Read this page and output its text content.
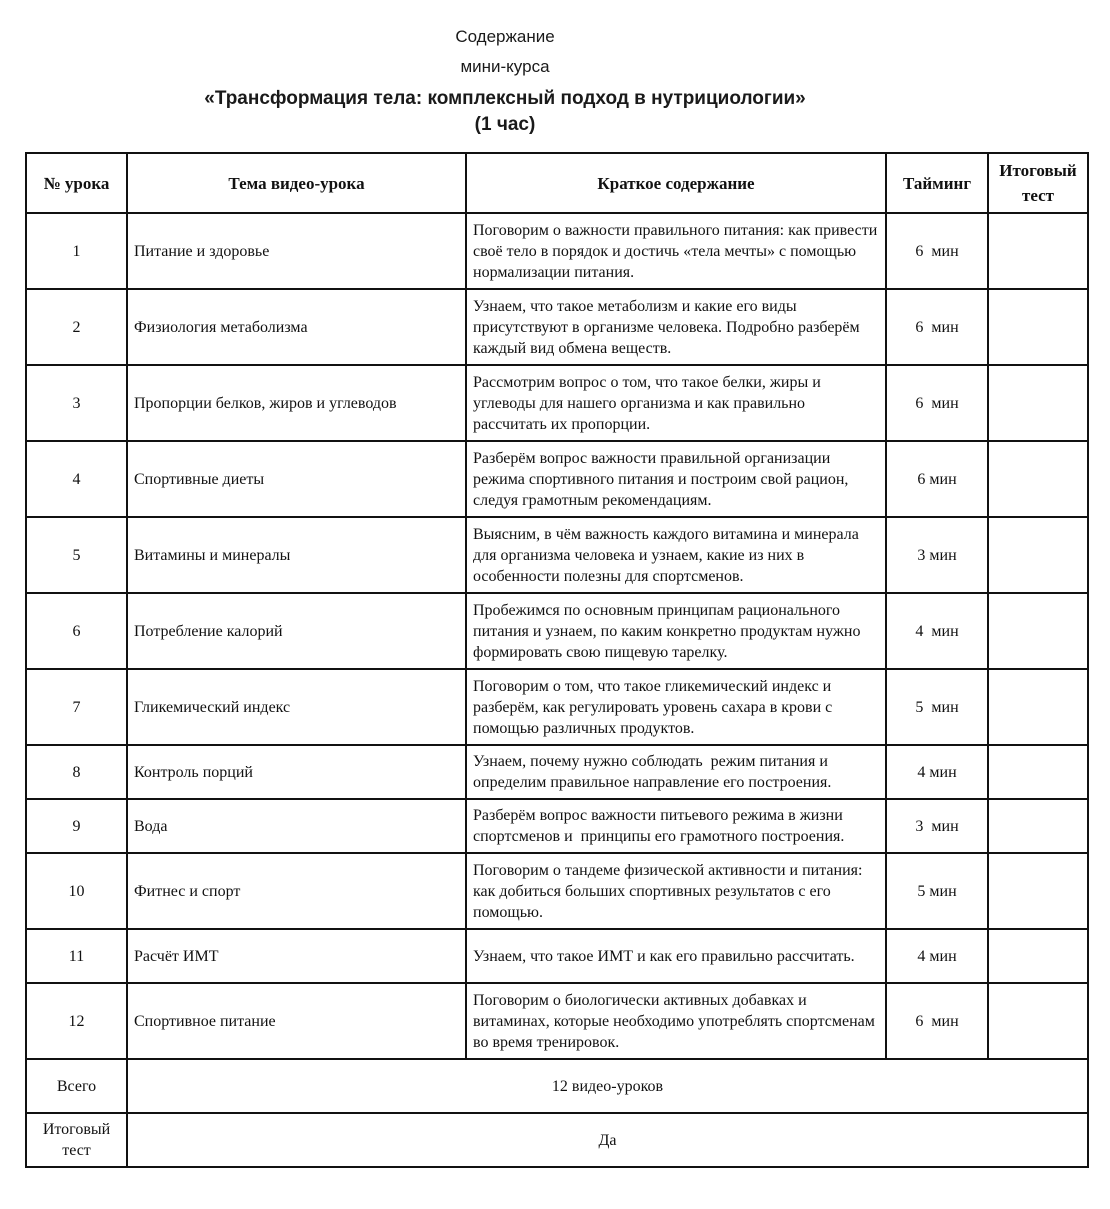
Содержание
мини-курса
«Трансформация тела: комплексный подход в нутрициологии»
(1 час)
№ урока	Тема видео-урока	Краткое содержание	Тайминг	Итоговый тест
1	Питание и здоровье	Поговорим о важности правильного питания: как привести своё тело в порядок и достичь «тела мечты» с помощью нормализации питания.	6  мин	
2	Физиология метаболизма	Узнаем, что такое метаболизм и какие его виды присутствуют в организме человека. Подробно разберём каждый вид обмена веществ.	6  мин	
3	Пропорции белков, жиров и углеводов	Рассмотрим вопрос о том, что такое белки, жиры и углеводы для нашего организма и как правильно рассчитать их пропорции.	6  мин	
4	Спортивные диеты	Разберём вопрос важности правильной организации режима спортивного питания и построим свой рацион, следуя грамотным рекомендациям.	6 мин	
5	Витамины и минералы	Выясним, в чём важность каждого витамина и минерала для организма человека и узнаем, какие из них в особенности полезны для спортсменов.	3 мин	
6	Потребление калорий	Пробежимся по основным принципам рационального питания и узнаем, по каким конкретно продуктам нужно формировать свою пищевую тарелку.	4  мин	
7	Гликемический индекс	Поговорим о том, что такое гликемический индекс и разберём, как регулировать уровень сахара в крови с помощью различных продуктов.	5  мин	
8	Контроль порций	Узнаем, почему нужно соблюдать  режим питания и определим правильное направление его построения.	4 мин	
9	Вода	Разберём вопрос важности питьевого режима в жизни спортсменов и  принципы его грамотного построения.	3  мин	
10	Фитнес и спорт	Поговорим о тандеме физической активности и питания: как добиться больших спортивных результатов с его помощью.	5 мин	
11	Расчёт ИМТ	Узнаем, что такое ИМТ и как его правильно рассчитать.	4 мин	
12	Спортивное питание	Поговорим о биологически активных добавках и витаминах, которые необходимо употреблять спортсменам во время тренировок.	6  мин	
Всего	12 видео-уроков			
Итоговый тест	Да			
